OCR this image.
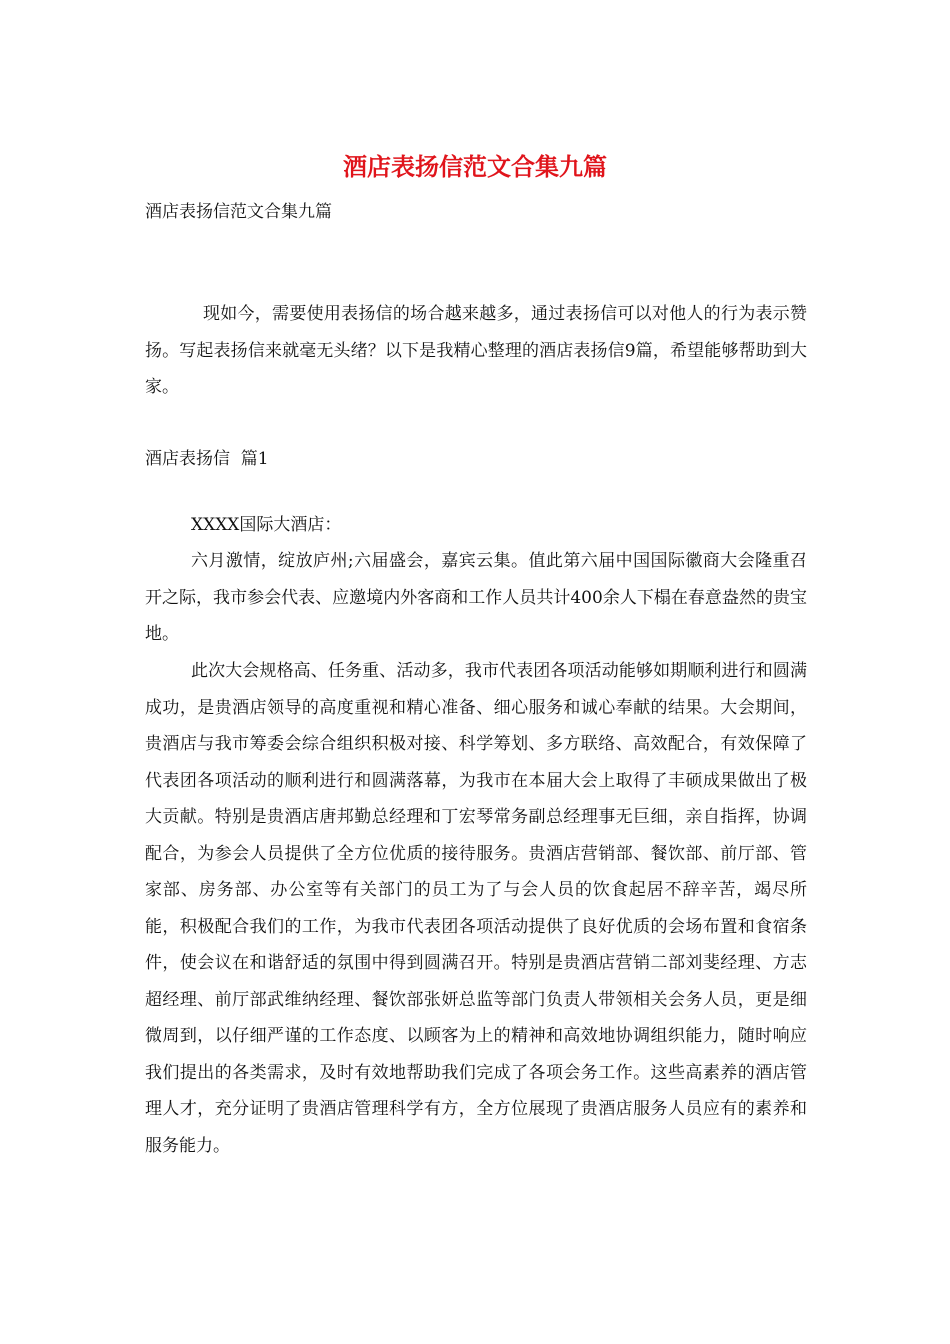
酒店表扬信范文合集九篇

酒店表扬信范文合集九篇

现如今，需要使用表扬信的场合越来越多，通过表扬信可以对他人的行为表示赞扬。写起表扬信来就毫无头绪？以下是我精心整理的酒店表扬信9篇，希望能够帮助到大家。

酒店表扬信  篇1

XXXX国际大酒店：

六月激情，绽放庐州;六届盛会，嘉宾云集。值此第六届中国国际徽商大会隆重召开之际，我市参会代表、应邀境内外客商和工作人员共计400余人下榻在春意盎然的贵宝地。

此次大会规格高、任务重、活动多，我市代表团各项活动能够如期顺利进行和圆满成功，是贵酒店领导的高度重视和精心准备、细心服务和诚心奉献的结果。大会期间，贵酒店与我市筹委会综合组织积极对接、科学筹划、多方联络、高效配合，有效保障了代表团各项活动的顺利进行和圆满落幕，为我市在本届大会上取得了丰硕成果做出了极大贡献。特别是贵酒店唐邦勤总经理和丁宏琴常务副总经理事无巨细，亲自指挥，协调配合，为参会人员提供了全方位优质的接待服务。贵酒店营销部、餐饮部、前厅部、管家部、房务部、办公室等有关部门的员工为了与会人员的饮食起居不辞辛苦，竭尽所能，积极配合我们的工作，为我市代表团各项活动提供了良好优质的会场布置和食宿条件，使会议在和谐舒适的氛围中得到圆满召开。特别是贵酒店营销二部刘斐经理、方志超经理、前厅部武维纳经理、餐饮部张妍总监等部门负责人带领相关会务人员，更是细微周到，以仔细严谨的工作态度、以顾客为上的精神和高效地协调组织能力，随时响应我们提出的各类需求，及时有效地帮助我们完成了各项会务工作。这些高素养的酒店管理人才，充分证明了贵酒店管理科学有方，全方位展现了贵酒店服务人员应有的素养和服务能力。
